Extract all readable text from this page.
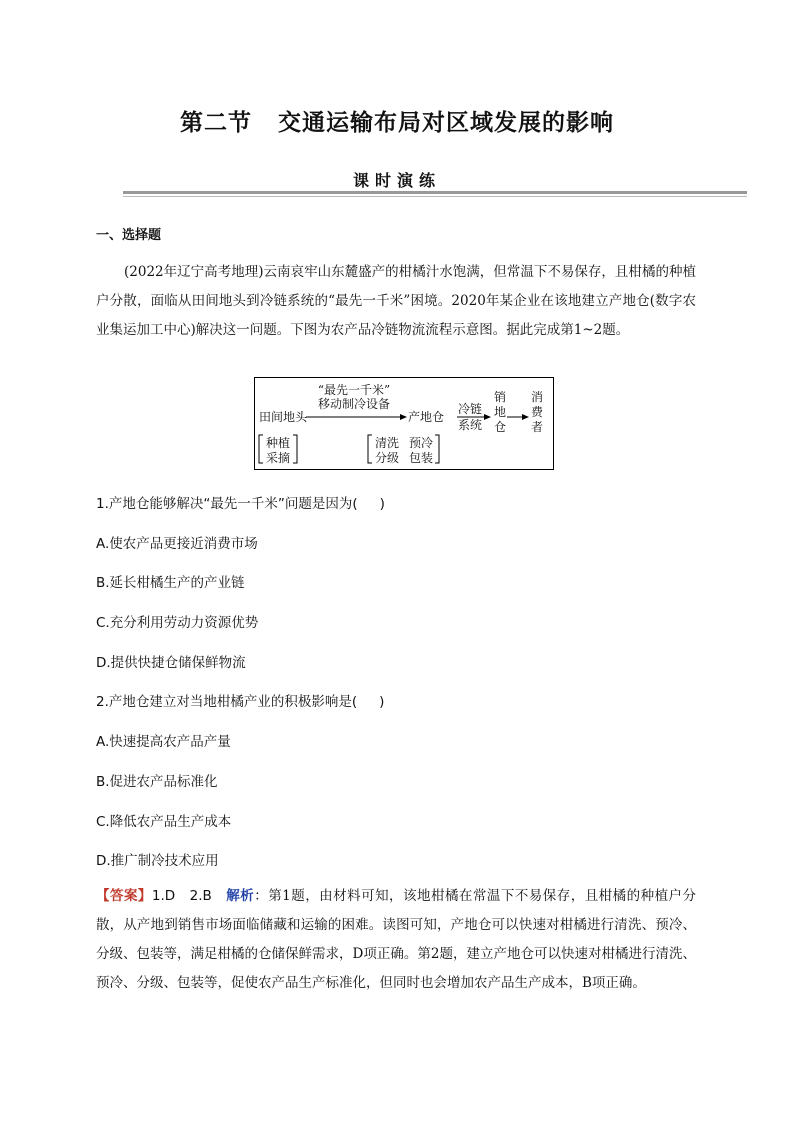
第二节 交通运输布局对区域发展的影响
课时演练
一、选择题
(2022年辽宁高考地理)云南哀牢山东麓盛产的柑橘汁水饱满，但常温下不易保存，且柑橘的种植户分散，面临从田间地头到冷链系统的“最先一千米”困境。2020年某企业在该地建立产地仓(数字农业集运加工中心)解决这一问题。下图为农产品冷链物流流程示意图。据此完成第1~2题。
“最先一千米”
移动制冷设备
田间地头	产地仓
冷链
系统
销
地
仓
消
费
者
种植
采摘
清洗
分级
预冷
包装
1.产地仓能够解决“最先一千米”问题是因为( )
A.使农产品更接近消费市场
B.延长柑橘生产的产业链
C.充分利用劳动力资源优势
D.提供快捷仓储保鲜物流
2.产地仓建立对当地柑橘产业的积极影响是( )
A.快速提高农产品产量
B.促进农产品标准化
C.降低农产品生产成本
D.推广制冷技术应用
【答案】1.D　2.B 解析：第1题，由材料可知，该地柑橘在常温下不易保存，且柑橘的种植户分散，从产地到销售市场面临储藏和运输的困难。读图可知，产地仓可以快速对柑橘进行清洗、预冷、分级、包装等，满足柑橘的仓储保鲜需求，D项正确。第2题，建立产地仓可以快速对柑橘进行清洗、预冷、分级、包装等，促使农产品生产标准化，但同时也会增加农产品生产成本，B项正确。
